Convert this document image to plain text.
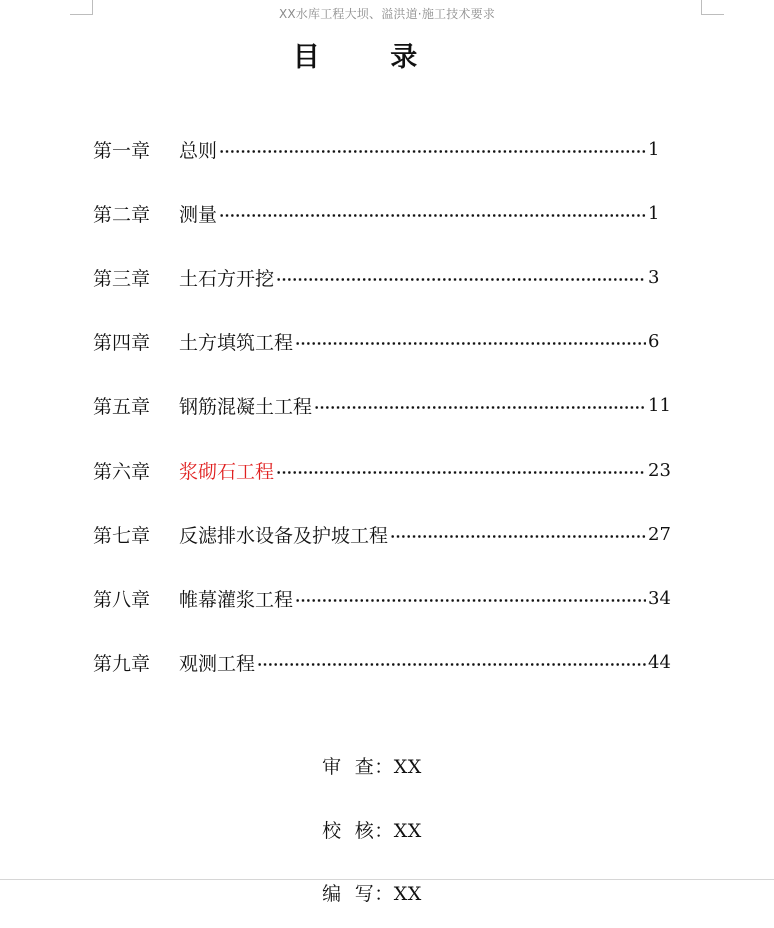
XX水库工程大坝、溢洪道·施工技术要求
目      录
第一章	总则	1
第二章	测量	1
第三章	土石方开挖	3
第四章	土方填筑工程	6
第五章	钢筋混凝土工程	11
第六章	浆砌石工程	23
第七章	反滤排水设备及护坡工程	27
第八章	帷幕灌浆工程	34
第九章	观测工程	44

审  查：XX

校  核：XX

编  写：XX
